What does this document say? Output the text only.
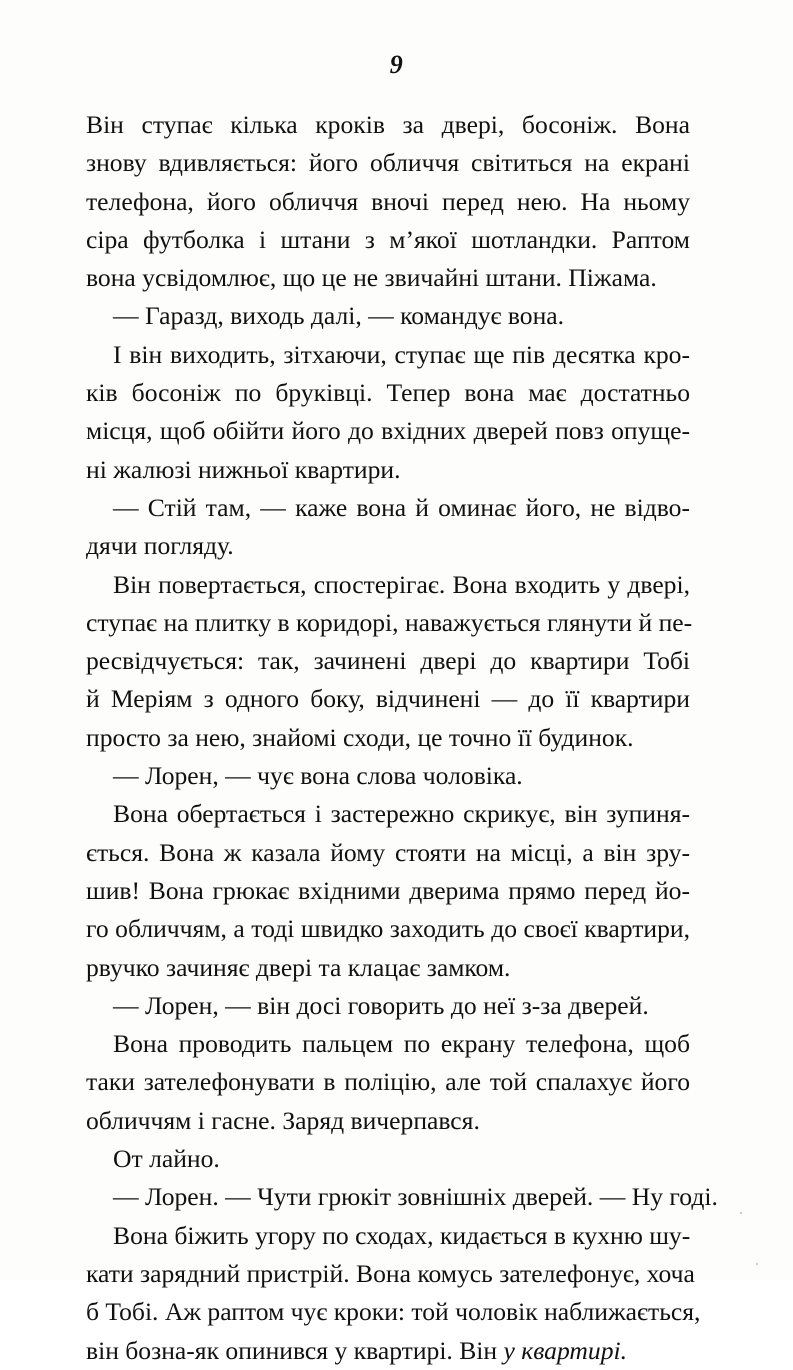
9
Він ступає кілька кроків за двері, босоніж. Вона
знову вдивляється: його обличчя світиться на екрані
телефона, його обличчя вночі перед нею. На ньому
сіра футболка і штани з м’якої шотландки. Раптом
вона усвідомлює, що це не звичайні штани. Піжама.
— Гаразд, виходь далі, — командує вона.
І він виходить, зітхаючи, ступає ще пів десятка кро-
ків босоніж по бруківці. Тепер вона має достатньо
місця, щоб обійти його до вхідних дверей повз опуще-
ні жалюзі нижньої квартири.
— Стій там, — каже вона й оминає його, не відво-
дячи погляду.
Він повертається, спостерігає. Вона входить у двері,
ступає на плитку в коридорі, наважується глянути й пе-
ресвідчується: так, зачинені двері до квартири Тобі
й Меріям з одного боку, відчинені — до її квартири
просто за нею, знайомі сходи, це точно її будинок.
— Лорен, — чує вона слова чоловіка.
Вона обертається і застережно скрикує, він зупиня-
ється. Вона ж казала йому стояти на місці, а він зру-
шив! Вона грюкає вхідними дверима прямо перед йо-
го обличчям, а тоді швидко заходить до своєї квартири,
рвучко зачиняє двері та клацає замком.
— Лорен, — він досі говорить до неї з-за дверей.
Вона проводить пальцем по екрану телефона, щоб
таки зателефонувати в поліцію, але той спалахує його
обличчям і гасне. Заряд вичерпався.
От лайно.
— Лорен. — Чути грюкіт зовнішніх дверей. — Ну годі.
Вона біжить угору по сходах, кидається в кухню шу-
кати зарядний пристрій. Вона комусь зателефонує, хоча
б Тобі. Аж раптом чує кроки: той чоловік наближається,
він бозна-як опинився у квартирі. Він у квартирі.
